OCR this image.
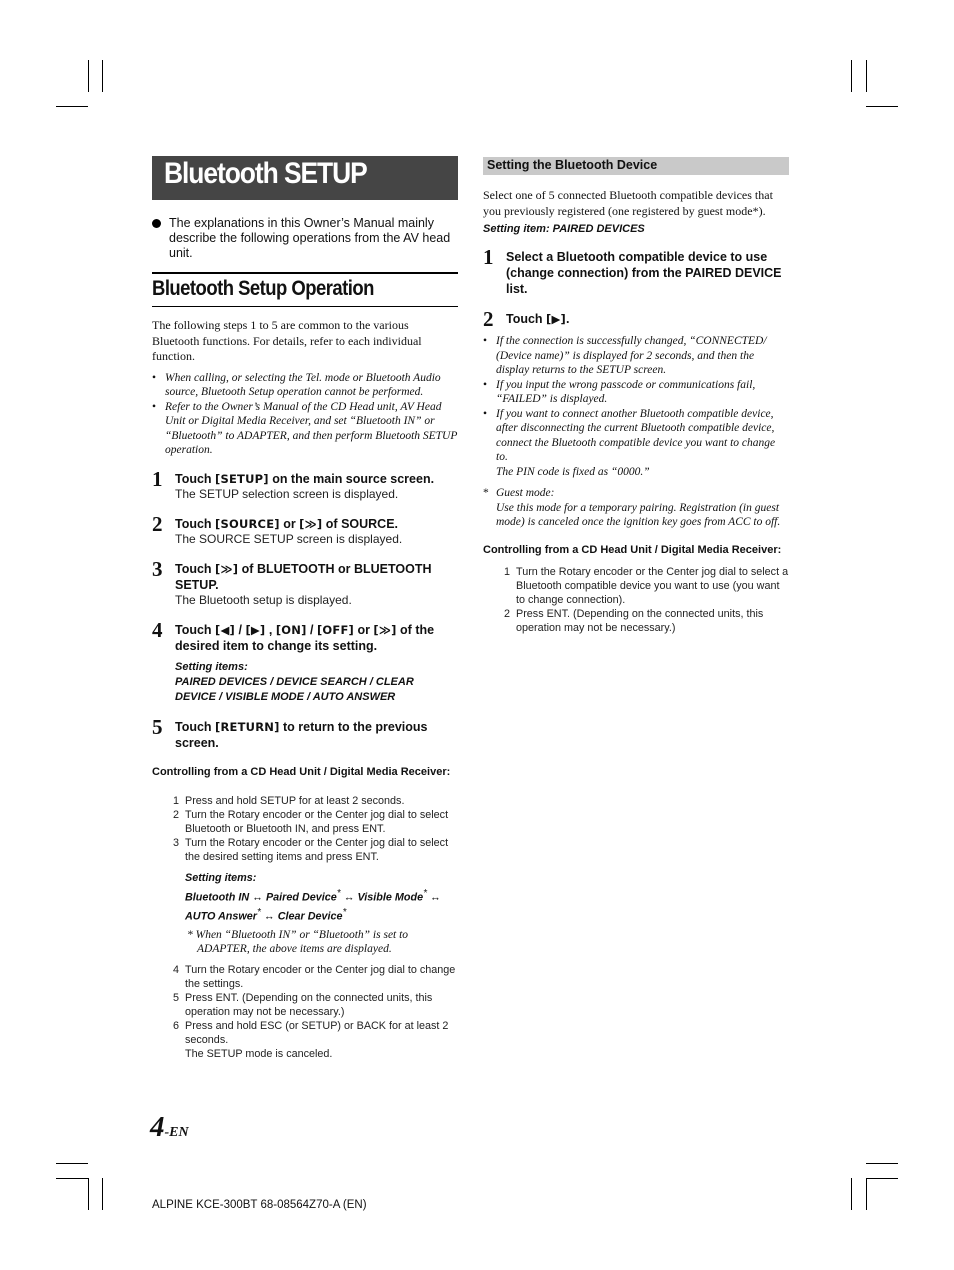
Bluetooth SETUP
The explanations in this Owner’s Manual mainly describe the following operations from the AV head unit.
Bluetooth Setup Operation
The following steps 1 to 5 are common to the various Bluetooth functions. For details, refer to each individual function.
• When calling, or selecting the Tel. mode or Bluetooth Audio source, Bluetooth Setup operation cannot be performed.
• Refer to the Owner’s Manual of the CD Head unit, AV Head Unit or Digital Media Receiver, and set “Bluetooth IN” or “Bluetooth” to ADAPTER, and then perform Bluetooth SETUP operation.
1 Touch [SETUP] on the main source screen.
The SETUP selection screen is displayed.
2 Touch [SOURCE] or [≫] of SOURCE.
The SOURCE SETUP screen is displayed.
3 Touch [≫] of BLUETOOTH or BLUETOOTH SETUP.
The Bluetooth setup is displayed.
4 Touch [◀] / [▶] , [ON] / [OFF] or [≫] of the desired item to change its setting.
Setting items:
PAIRED DEVICES / DEVICE SEARCH / CLEAR
DEVICE / VISIBLE MODE / AUTO ANSWER
5 Touch [RETURN] to return to the previous screen.
Controlling from a CD Head Unit / Digital Media Receiver:
1 Press and hold SETUP for at least 2 seconds.
2 Turn the Rotary encoder or the Center jog dial to select Bluetooth or Bluetooth IN, and press ENT.
3 Turn the Rotary encoder or the Center jog dial to select the desired setting items and press ENT.
Setting items:
Bluetooth IN ↔ Paired Device* ↔ Visible Mode* ↔
AUTO Answer* ↔ Clear Device*
* When “Bluetooth IN” or “Bluetooth” is set to ADAPTER, the above items are displayed.
4 Turn the Rotary encoder or the Center jog dial to change the settings.
5 Press ENT. (Depending on the connected units, this operation may not be necessary.)
6 Press and hold ESC (or SETUP) or BACK for at least 2 seconds.
The SETUP mode is canceled.
Setting the Bluetooth Device
Select one of 5 connected Bluetooth compatible devices that you previously registered (one registered by guest mode*).
Setting item: PAIRED DEVICES
1 Select a Bluetooth compatible device to use (change connection) from the PAIRED DEVICE list.
2 Touch [▶].
• If the connection is successfully changed, “CONNECTED/ (Device name)” is displayed for 2 seconds, and then the display returns to the SETUP screen.
• If you input the wrong passcode or communications fail, “FAILED” is displayed.
• If you want to connect another Bluetooth compatible device, after disconnecting the current Bluetooth compatible device, connect the Bluetooth compatible device you want to change to.
The PIN code is fixed as “0000.”
* Guest mode:
Use this mode for a temporary pairing. Registration (in guest mode) is canceled once the ignition key goes from ACC to off.
Controlling from a CD Head Unit / Digital Media Receiver:
1 Turn the Rotary encoder or the Center jog dial to select a Bluetooth compatible device you want to use (you want to change connection).
2 Press ENT. (Depending on the connected units, this operation may not be necessary.)
4-EN
ALPINE KCE-300BT 68-08564Z70-A (EN)
